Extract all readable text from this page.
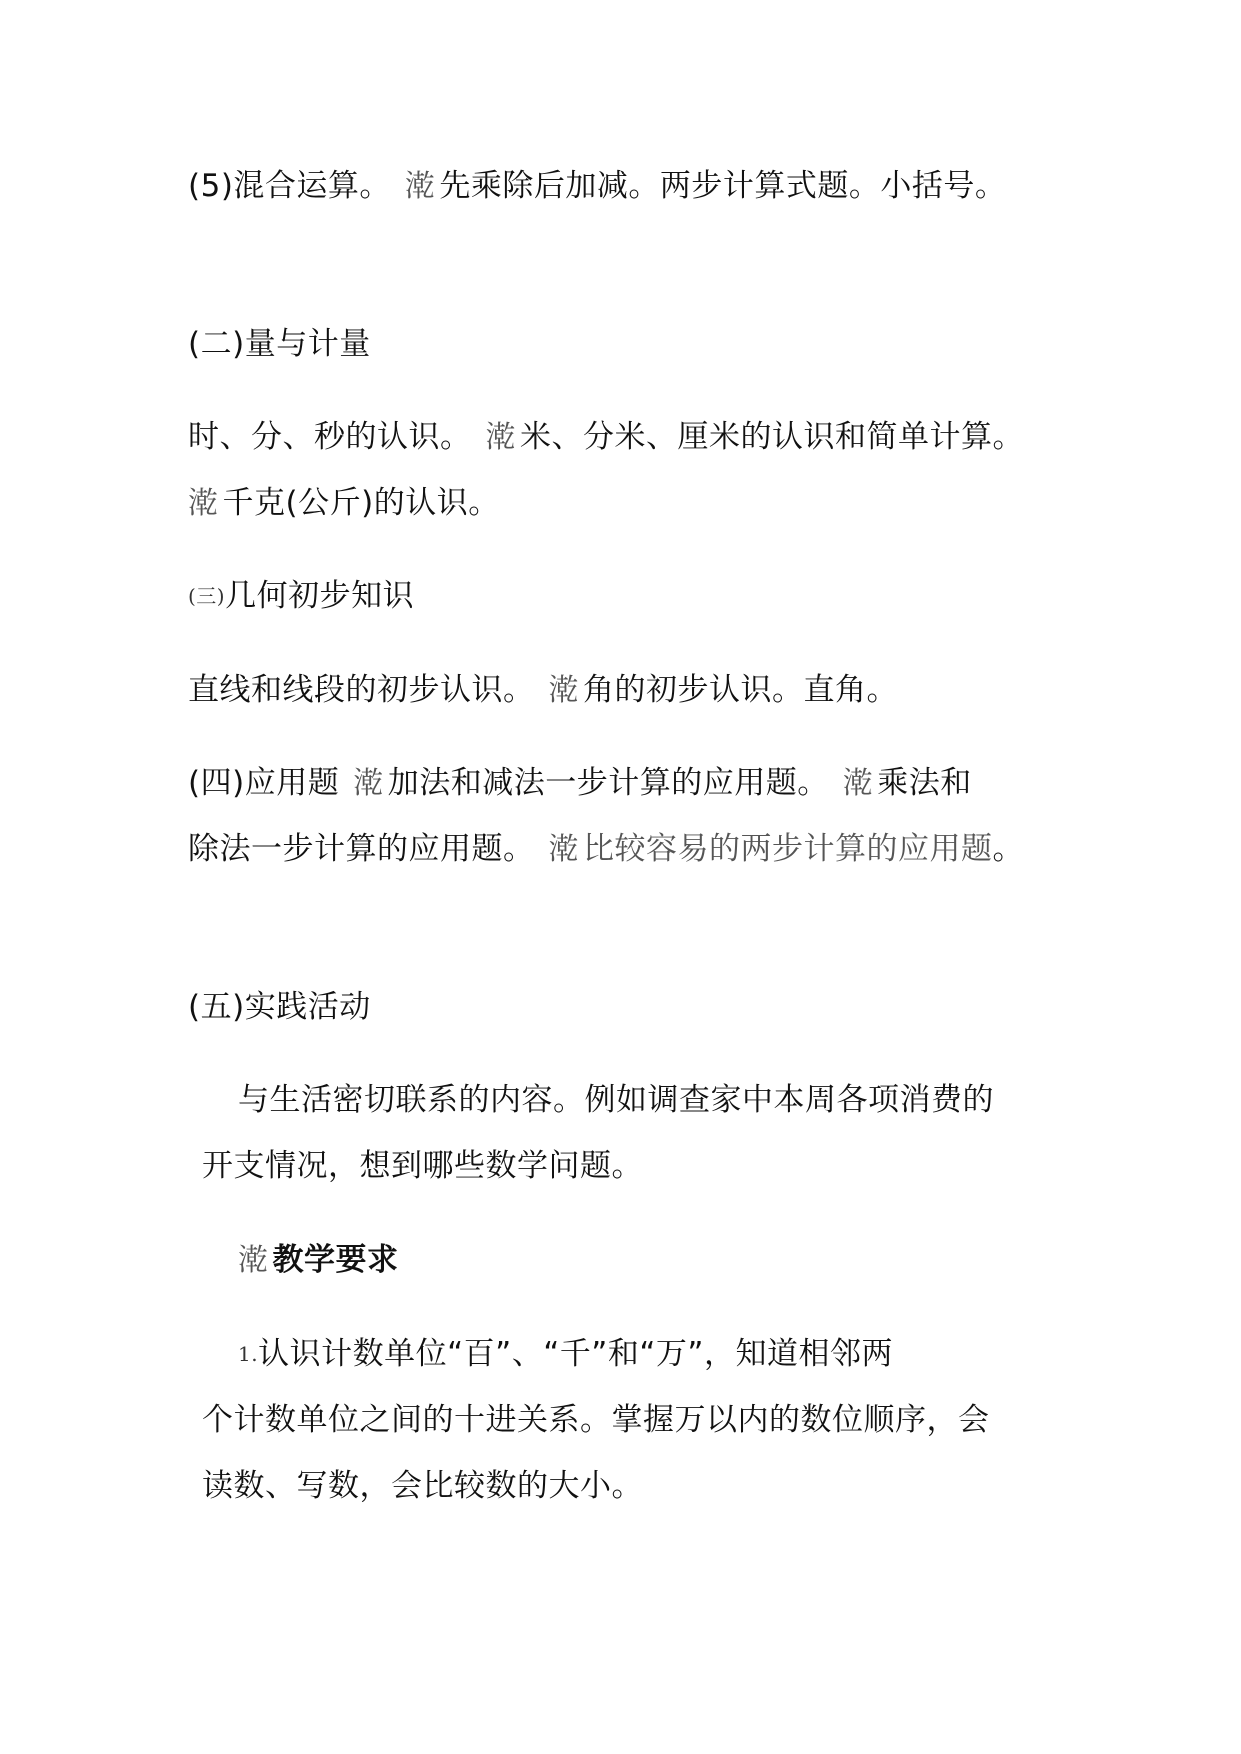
(5)混合运算。 漧 先乘除后加减。两步计算式题。小括号。
(二)量与计量
时、分、秒的认识。 漧 米、分米、厘米的认识和简单计算。
漧 千克(公斤)的认识。
(三)几何初步知识
直线和线段的初步认识。 漧 角的初步认识。直角。
(四)应用题 漧 加法和减法一步计算的应用题。 漧 乘法和
除法一步计算的应用题。 漧 比较容易的两步计算的应用题。
(五)实践活动
与生活密切联系的内容。例如调查家中本周各项消费的
开支情况，想到哪些数学问题。
漧 教学要求
1.认识计数单位“百”、“千”和“万”，知道相邻两
个计数单位之间的十进关系。掌握万以内的数位顺序，会
读数、写数，会比较数的大小。
